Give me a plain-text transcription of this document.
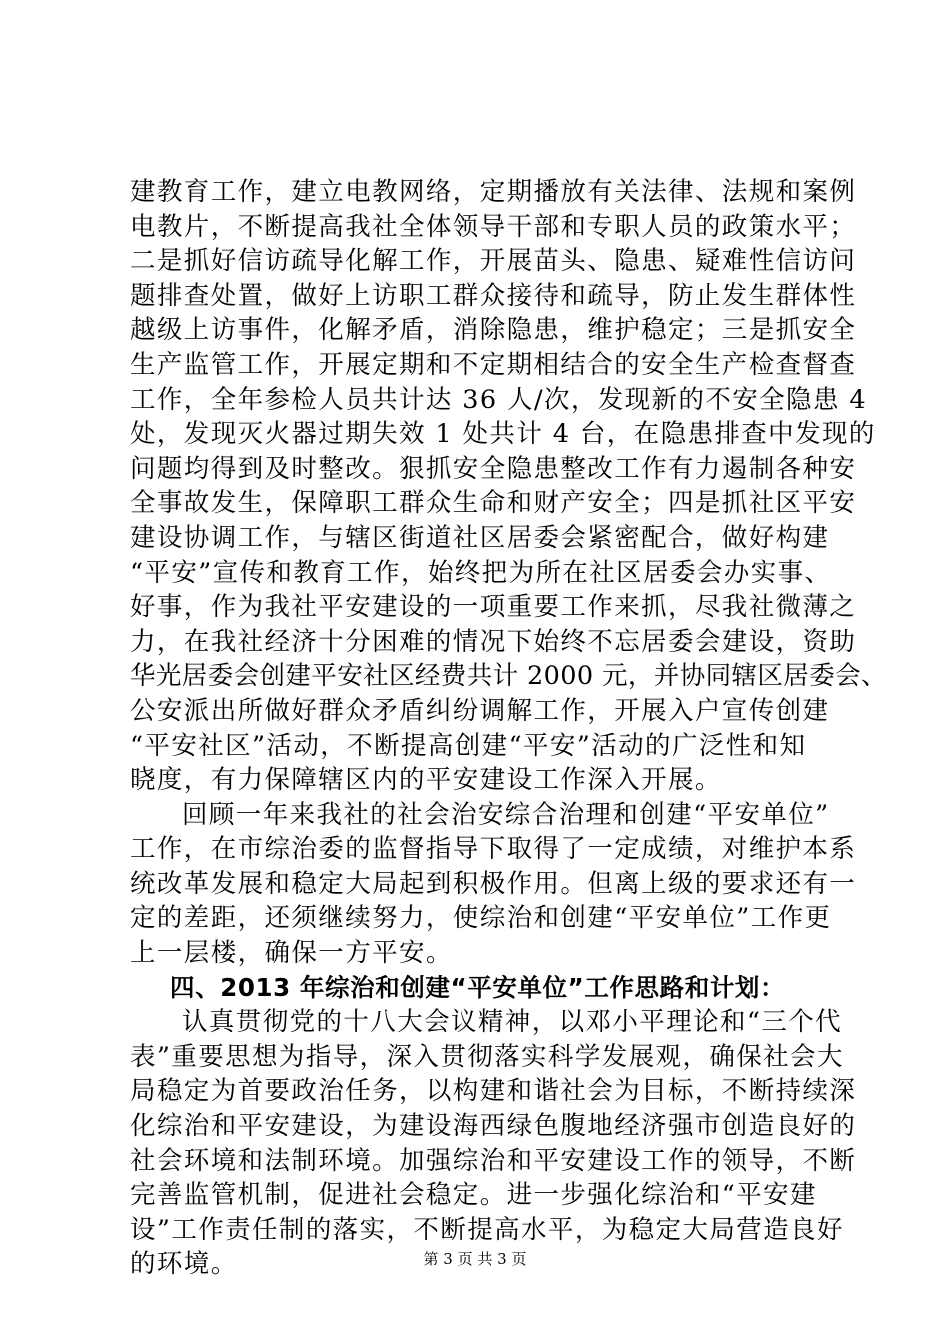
建教育工作，建立电教网络，定期播放有关法律、法规和案例
电教片，不断提高我社全体领导干部和专职人员的政策水平；
二是抓好信访疏导化解工作，开展苗头、隐患、疑难性信访问
题排查处置，做好上访职工群众接待和疏导，防止发生群体性
越级上访事件，化解矛盾，消除隐患，维护稳定；三是抓安全
生产监管工作，开展定期和不定期相结合的安全生产检查督查
工作，全年参检人员共计达 36 人/次，发现新的不安全隐患 4
处，发现灭火器过期失效 1 处共计 4 台，在隐患排查中发现的
问题均得到及时整改。狠抓安全隐患整改工作有力遏制各种安
全事故发生，保障职工群众生命和财产安全；四是抓社区平安
建设协调工作，与辖区街道社区居委会紧密配合，做好构建
“平安”宣传和教育工作，始终把为所在社区居委会办实事、
好事，作为我社平安建设的一项重要工作来抓，尽我社微薄之
力，在我社经济十分困难的情况下始终不忘居委会建设，资助
华光居委会创建平安社区经费共计 2000 元，并协同辖区居委会、
公安派出所做好群众矛盾纠纷调解工作，开展入户宣传创建
“平安社区”活动，不断提高创建“平安”活动的广泛性和知
晓度，有力保障辖区内的平安建设工作深入开展。
回顾一年来我社的社会治安综合治理和创建“平安单位”
工作，在市综治委的监督指导下取得了一定成绩，对维护本系
统改革发展和稳定大局起到积极作用。但离上级的要求还有一
定的差距，还须继续努力，使综治和创建“平安单位”工作更
上一层楼，确保一方平安。
四、2013 年综治和创建“平安单位”工作思路和计划：
认真贯彻党的十八大会议精神，以邓小平理论和“三个代
表”重要思想为指导，深入贯彻落实科学发展观，确保社会大
局稳定为首要政治任务，以构建和谐社会为目标，不断持续深
化综治和平安建设，为建设海西绿色腹地经济强市创造良好的
社会环境和法制环境。加强综治和平安建设工作的领导，不断
完善监管机制，促进社会稳定。进一步强化综治和“平安建
设”工作责任制的落实，不断提高水平，为稳定大局营造良好
的环境。	第 3 页 共 3 页
